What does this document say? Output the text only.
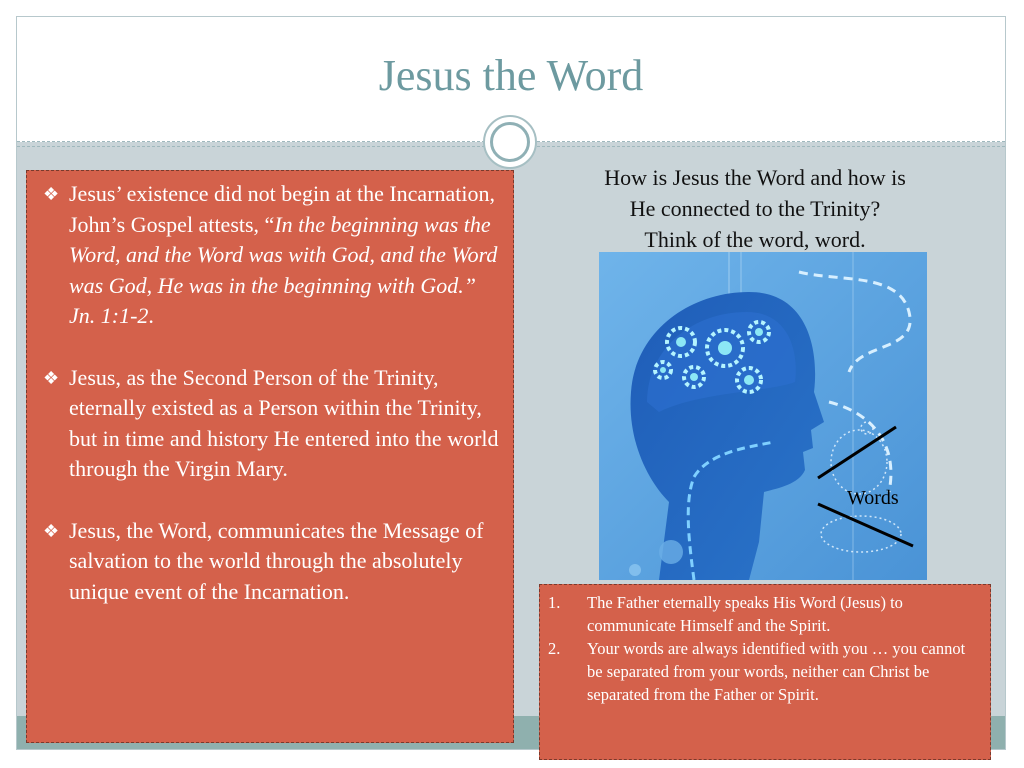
Jesus the Word
❖ Jesus’ existence did not begin at the Incarnation, John’s Gospel attests, “In the beginning was the Word, and the Word was with God, and the Word was God, He was in the beginning with God.” Jn. 1:1-2.
❖ Jesus, as the Second Person of the Trinity, eternally existed as a Person within the Trinity, but in time and history He entered into the world through the Virgin Mary.
❖ Jesus, the Word, communicates the Message of salvation to the world through the absolutely unique event of the Incarnation.
How is Jesus the Word and how is
He connected to the Trinity?
Think of the word, word.
Words
1. The Father eternally speaks His Word (Jesus) to communicate Himself and the Spirit.
2. Your words are always identified with you … you cannot be separated from your words, neither can Christ be separated from the Father or Spirit.
